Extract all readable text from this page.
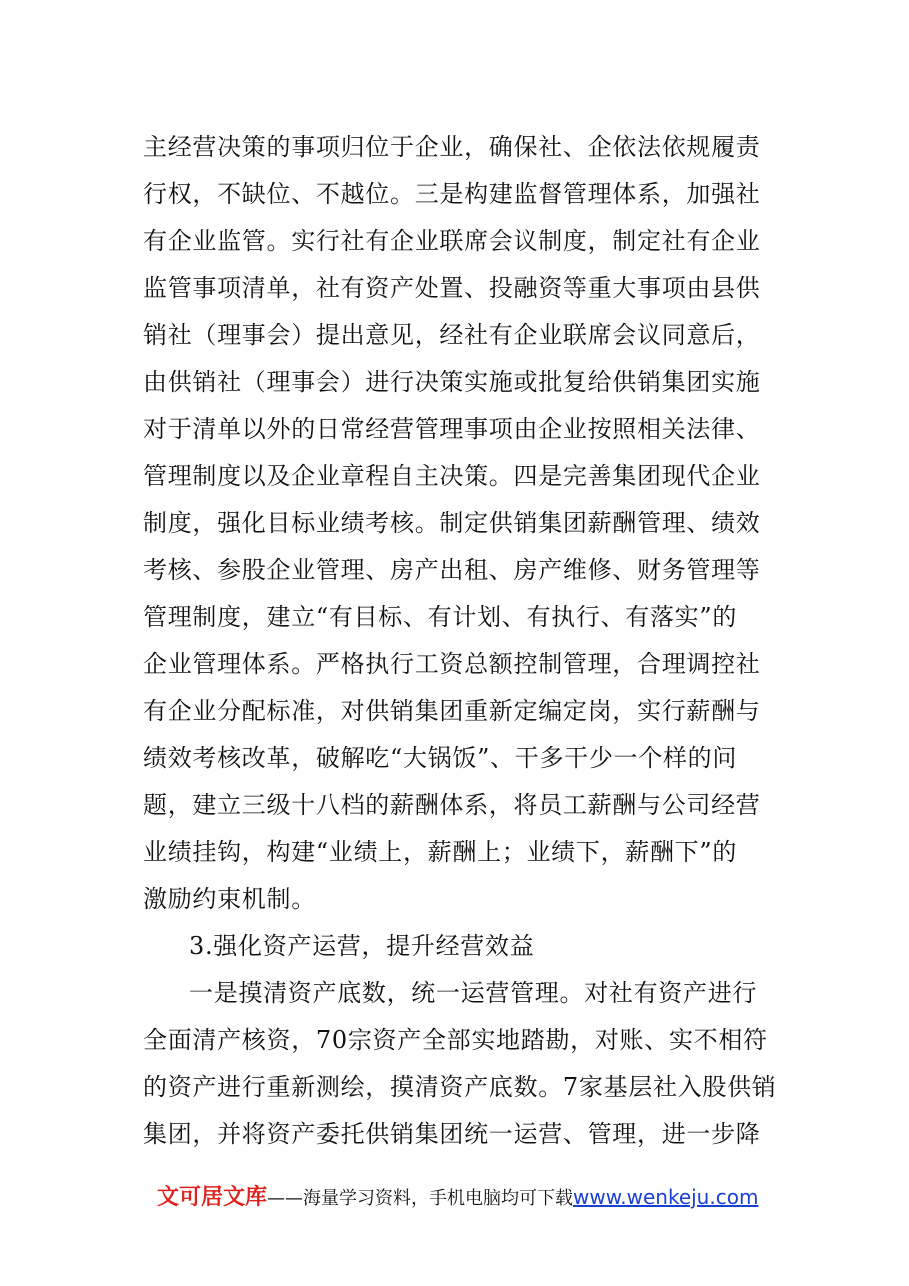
主经营决策的事项归位于企业，确保社、企依法依规履责
行权，不缺位、不越位。三是构建监督管理体系，加强社
有企业监管。实行社有企业联席会议制度，制定社有企业
监管事项清单，社有资产处置、投融资等重大事项由县供
销社（理事会）提出意见，经社有企业联席会议同意后，
由供销社（理事会）进行决策实施或批复给供销集团实施
对于清单以外的日常经营管理事项由企业按照相关法律、
管理制度以及企业章程自主决策。四是完善集团现代企业
制度，强化目标业绩考核。制定供销集团薪酬管理、绩效
考核、参股企业管理、房产出租、房产维修、财务管理等
管理制度，建立“有目标、有计划、有执行、有落实”的
企业管理体系。严格执行工资总额控制管理，合理调控社
有企业分配标准，对供销集团重新定编定岗，实行薪酬与
绩效考核改革，破解吃“大锅饭”、干多干少一个样的问
题，建立三级十八档的薪酬体系，将员工薪酬与公司经营
业绩挂钩，构建“业绩上，薪酬上；业绩下，薪酬下”的
激励约束机制。
3.强化资产运营，提升经营效益
一是摸清资产底数，统一运营管理。对社有资产进行
全面清产核资，70宗资产全部实地踏勘，对账、实不相符
的资产进行重新测绘，摸清资产底数。7家基层社入股供销
集团，并将资产委托供销集团统一运营、管理，进一步降
文可居文库——海量学习资料，手机电脑均可下载www.wenkeju.com
